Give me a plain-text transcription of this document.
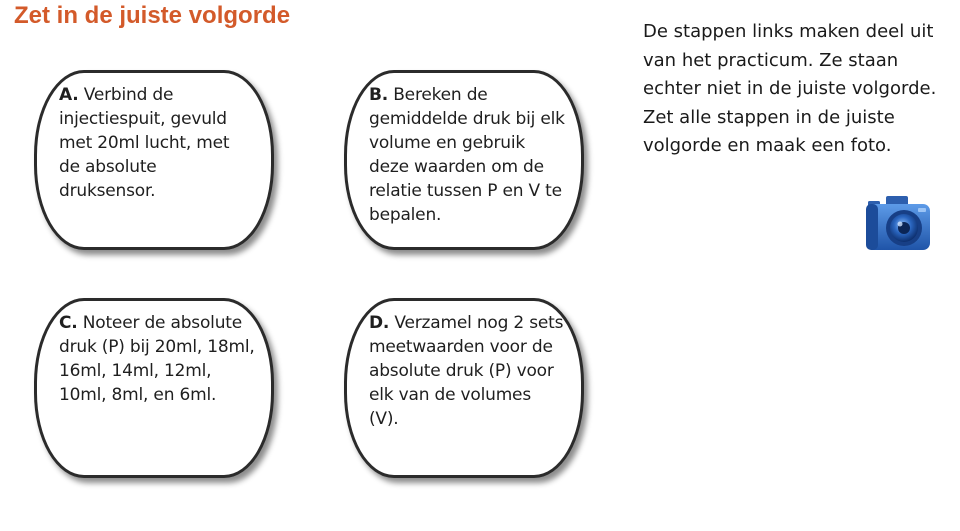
Zet in de juiste volgorde
A. Verbind de injectiespuit, gevuld met 20ml lucht, met de absolute druksensor.
B. Bereken de gemiddelde druk bij elk volume en gebruik deze waarden om de relatie tussen P en V te bepalen.
C. Noteer de absolute druk (P) bij 20ml, 18ml, 16ml, 14ml, 12ml, 10ml, 8ml, en 6ml.
D. Verzamel nog 2 sets meetwaarden voor de absolute druk (P) voor elk van de volumes (V).
De stappen links maken deel uit van het practicum. Ze staan echter niet in de juiste volgorde. Zet alle stappen in de juiste volgorde en maak een foto.
